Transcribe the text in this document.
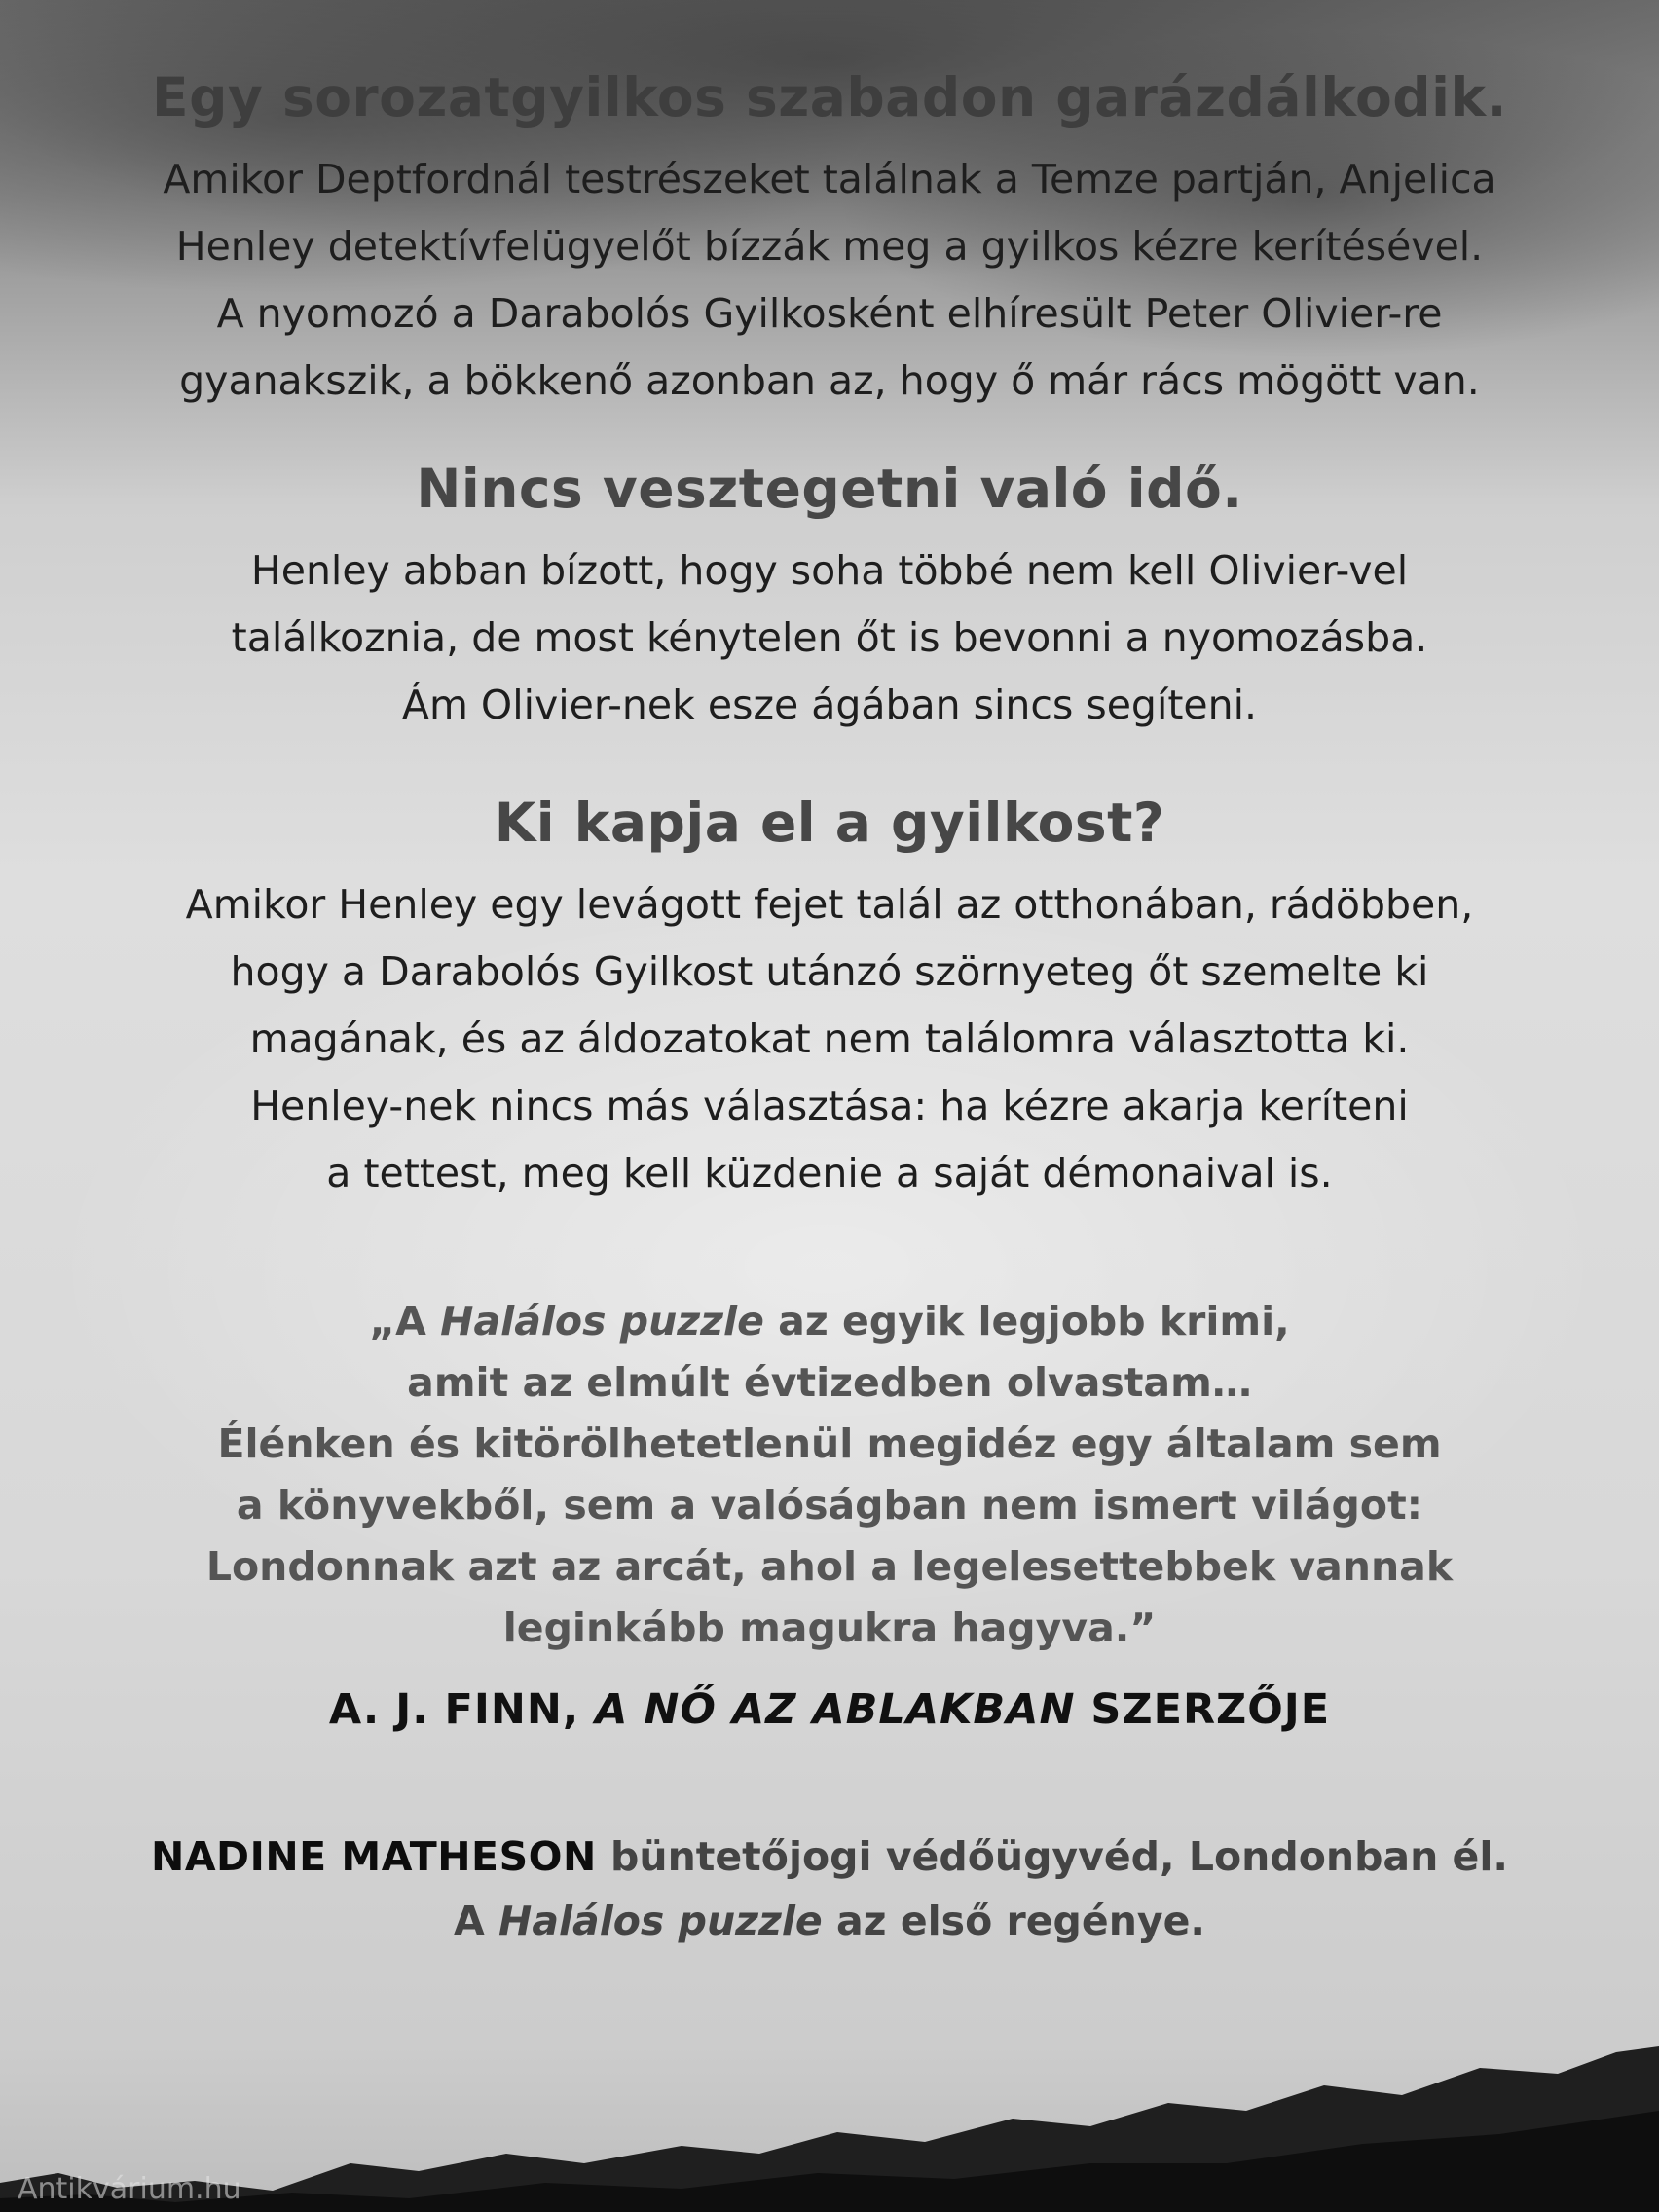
Egy sorozatgyilkos szabadon garázdálkodik.

Amikor Deptfordnál testrészeket találnak a Temze partján, Anjelica
Henley detektívfelügyelőt bízzák meg a gyilkos kézre kerítésével.
A nyomozó a Darabolós Gyilkosként elhíresült Peter Olivier-re
gyanakszik, a bökkenő azonban az, hogy ő már rács mögött van.

Nincs vesztegetni való idő.

Henley abban bízott, hogy soha többé nem kell Olivier-vel
találkoznia, de most kénytelen őt is bevonni a nyomozásba.
Ám Olivier-nek esze ágában sincs segíteni.

Ki kapja el a gyilkost?

Amikor Henley egy levágott fejet talál az otthonában, rádöbben,
hogy a Darabolós Gyilkost utánzó szörnyeteg őt szemelte ki
magának, és az áldozatokat nem találomra választotta ki.
Henley-nek nincs más választása: ha kézre akarja keríteni
a tettest, meg kell küzdenie a saját démonaival is.

„A Halálos puzzle az egyik legjobb krimi,
amit az elmúlt évtizedben olvastam…
Élénken és kitörölhetetlenül megidéz egy általam sem
a könyvekből, sem a valóságban nem ismert világot:
Londonnak azt az arcát, ahol a legelesettebbek vannak
leginkább magukra hagyva.”
A. J. FINN, A NŐ AZ ABLAKBAN SZERZŐJE
NADINE MATHESON büntetőjogi védőügyvéd, Londonban él.
A Halálos puzzle az első regénye.
Antikvárium.hu
